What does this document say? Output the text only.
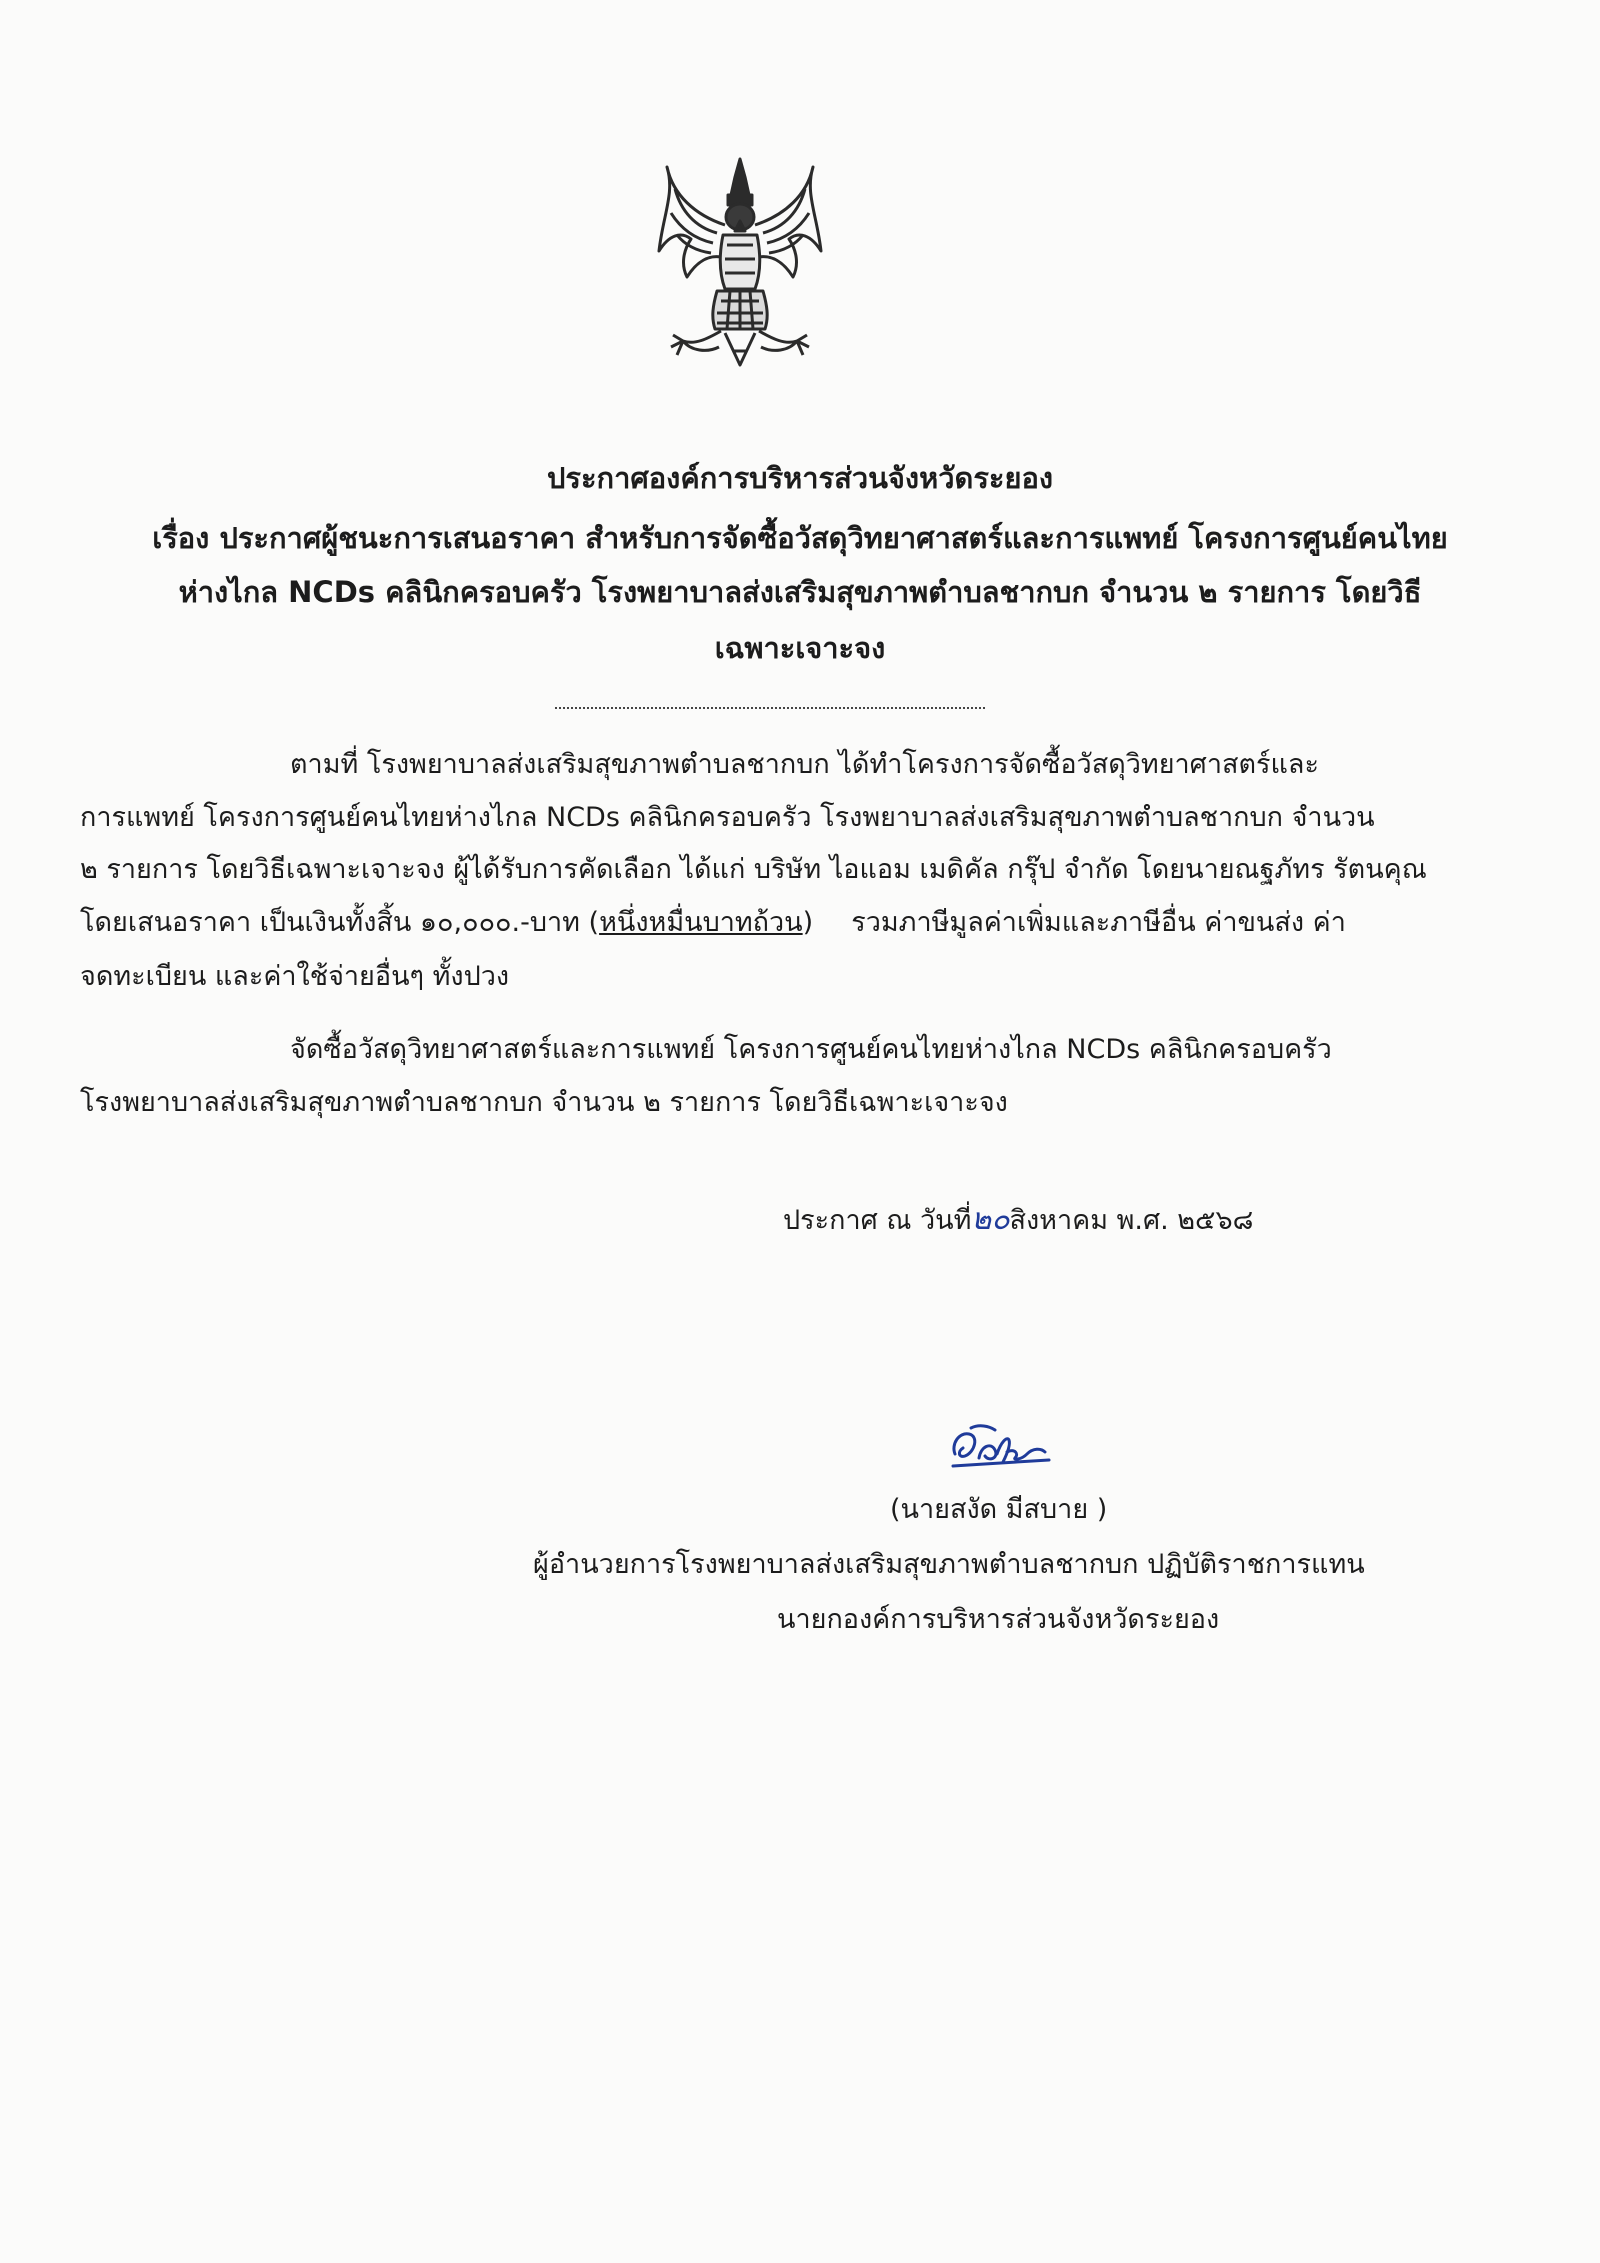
ประกาศองค์การบริหารส่วนจังหวัดระยอง
เรื่อง ประกาศผู้ชนะการเสนอราคา สำหรับการจัดซื้อวัสดุวิทยาศาสตร์และการแพทย์ โครงการศูนย์คนไทย
ห่างไกล NCDs คลินิกครอบครัว โรงพยาบาลส่งเสริมสุขภาพตำบลชากบก จำนวน ๒ รายการ โดยวิธี
เฉพาะเจาะจง
ตามที่ โรงพยาบาลส่งเสริมสุขภาพตำบลชากบก ได้ทำโครงการจัดซื้อวัสดุวิทยาศาสตร์และ
การแพทย์ โครงการศูนย์คนไทยห่างไกล NCDs คลินิกครอบครัว โรงพยาบาลส่งเสริมสุขภาพตำบลชากบก จำนวน
๒ รายการ โดยวิธีเฉพาะเจาะจง ผู้ได้รับการคัดเลือก ได้แก่ บริษัท ไอแอม เมดิคัล กรุ๊ป จำกัด โดยนายณฐภัทร รัตนคุณ
โดยเสนอราคา เป็นเงินทั้งสิ้น ๑๐,๐๐๐.-บาท (หนึ่งหมื่นบาทถ้วน) รวมภาษีมูลค่าเพิ่มและภาษีอื่น ค่าขนส่ง ค่า
จดทะเบียน และค่าใช้จ่ายอื่นๆ ทั้งปวง
จัดซื้อวัสดุวิทยาศาสตร์และการแพทย์ โครงการศูนย์คนไทยห่างไกล NCDs คลินิกครอบครัว
โรงพยาบาลส่งเสริมสุขภาพตำบลชากบก จำนวน ๒ รายการ โดยวิธีเฉพาะเจาะจง
ประกาศ ณ วันที่๒๐สิงหาคม พ.ศ. ๒๕๖๘
(นายสงัด มีสบาย )
ผู้อำนวยการโรงพยาบาลส่งเสริมสุขภาพตำบลชากบก ปฏิบัติราชการแทน
นายกองค์การบริหารส่วนจังหวัดระยอง
